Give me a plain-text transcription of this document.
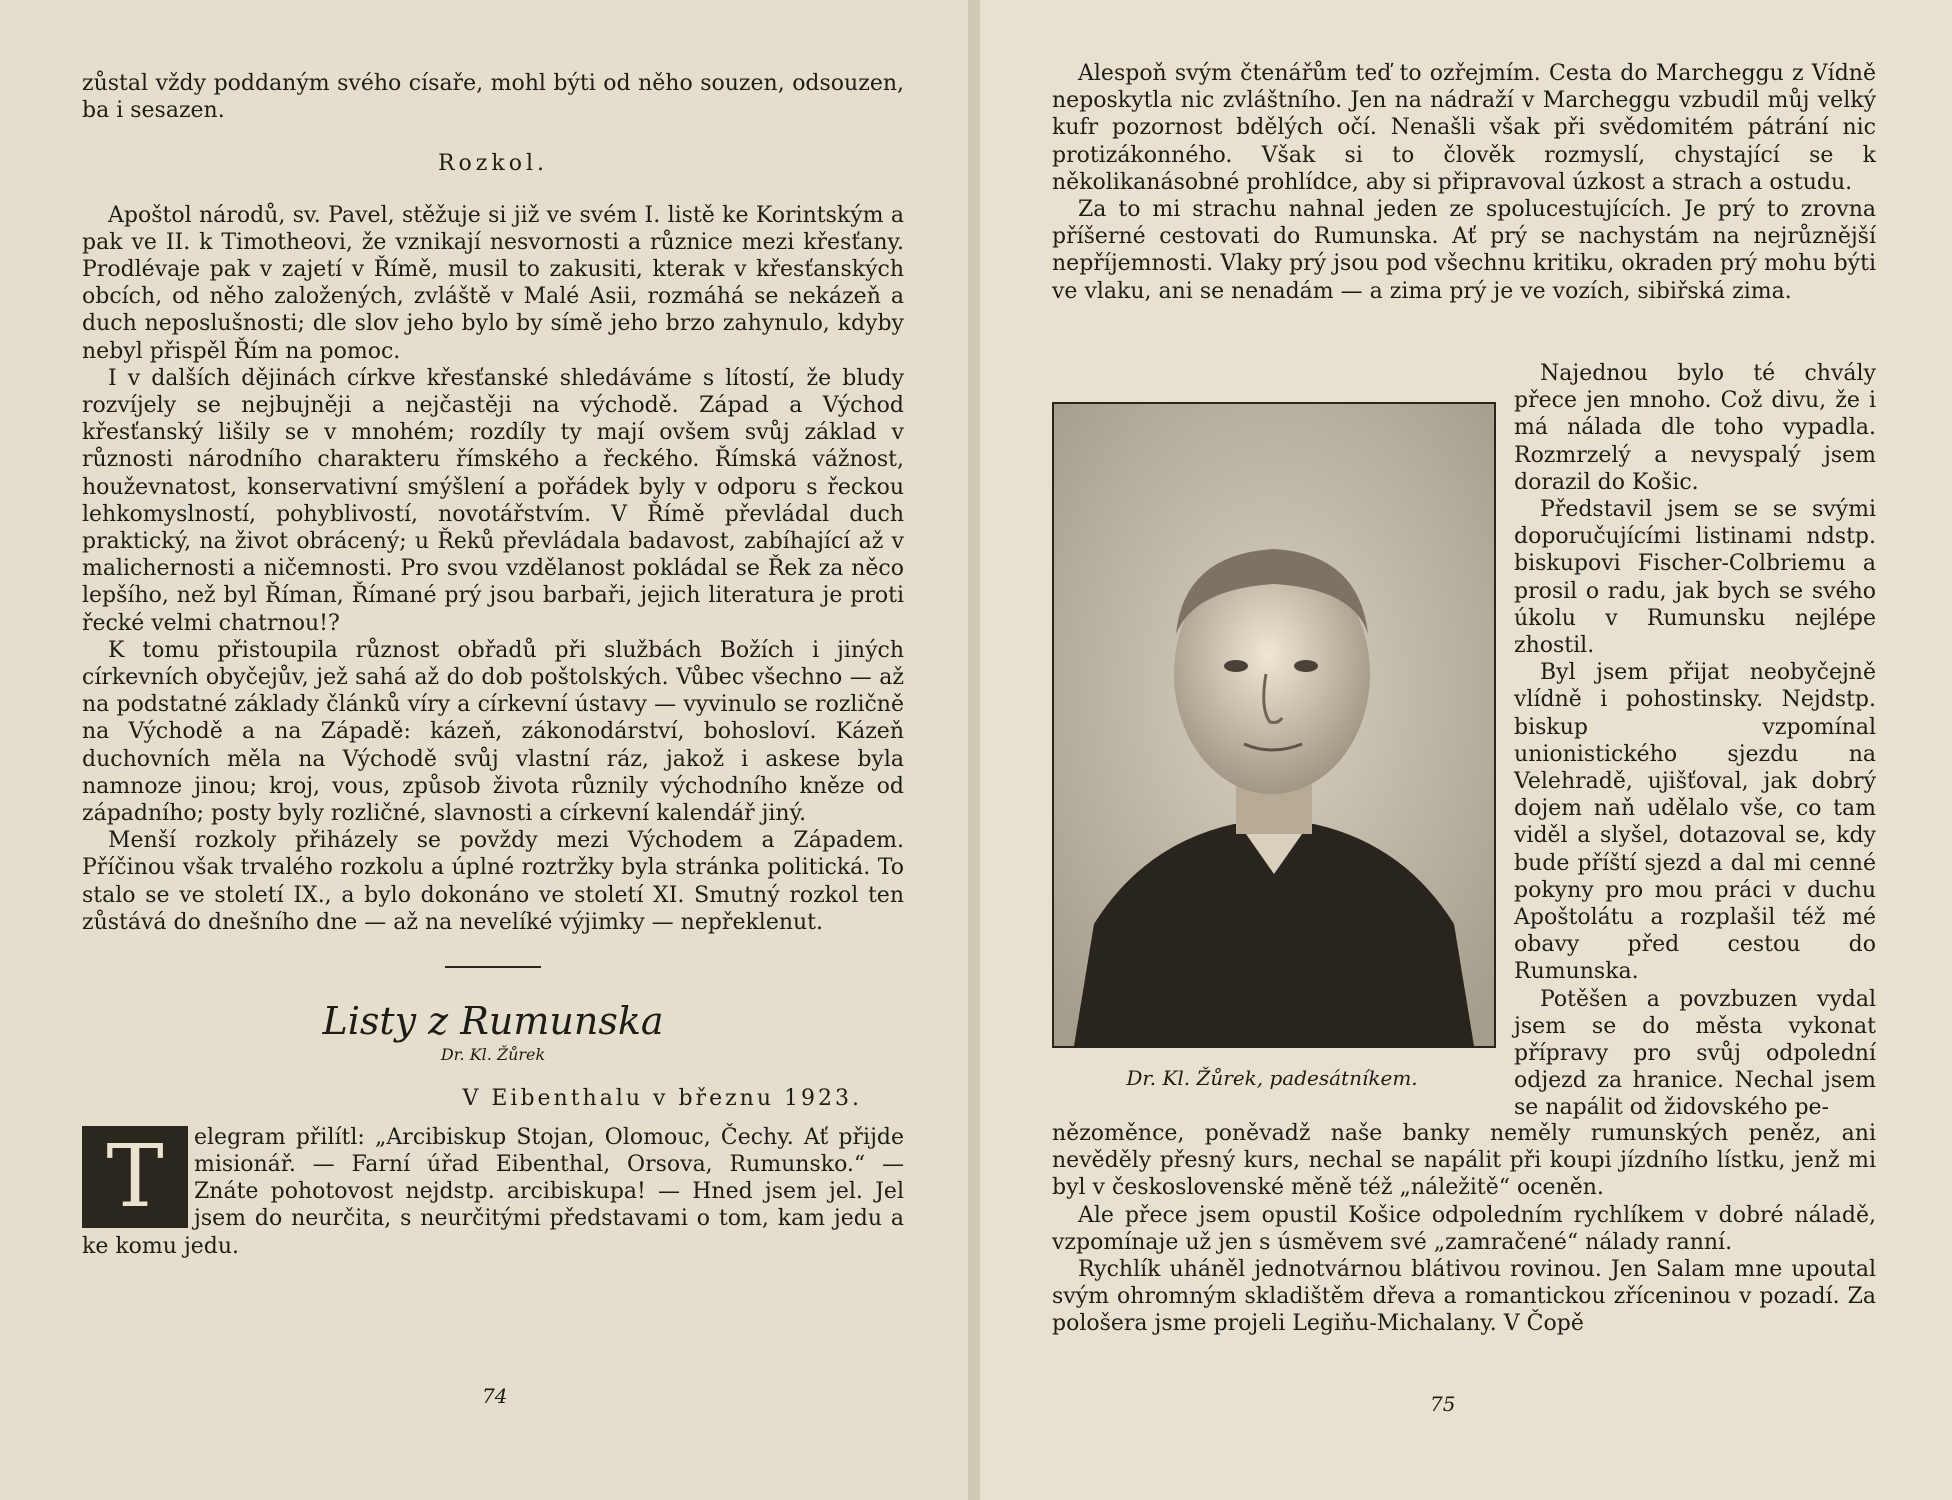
zůstal vždy poddaným svého císaře, mohl býti od něho souzen, odsouzen, ba i sesazen.

Rozkol.

Apoštol národů, sv. Pavel, stěžuje si již ve svém I. listě ke Korintským a pak ve II. k Timotheovi, že vznikají nesvornosti a různice mezi křesťany. Prodlévaje pak v zajetí v Římě, musil to zakusiti, kterak v křesťanských obcích, od něho založených, zvláště v Malé Asii, rozmáhá se nekázeň a duch neposlušnosti; dle slov jeho bylo by símě jeho brzo zahynulo, kdyby nebyl přispěl Řím na pomoc.

I v dalších dějinách církve křesťanské shledáváme s lítostí, že bludy rozvíjely se nejbujněji a nejčastěji na východě. Západ a Východ křesťanský lišily se v mnohém; rozdíly ty mají ovšem svůj základ v různosti národního charakteru římského a řeckého. Římská vážnost, houževnatost, konservativní smýšlení a pořádek byly v odporu s řeckou lehkomyslností, pohyblivostí, novotářstvím. V Římě převládal duch praktický, na život obrácený; u Řeků převládala badavost, zabíhající až v malichernosti a ničemnosti. Pro svou vzdělanost pokládal se Řek za něco lepšího, než byl Říman, Římané prý jsou barbaři, jejich literatura je proti řecké velmi chatrnou!?

K tomu přistoupila různost obřadů při službách Božích i jiných církevních obyčejův, jež sahá až do dob poštolských. Vůbec všechno — až na podstatné základy článků víry a církevní ústavy — vyvinulo se rozličně na Východě a na Západě: kázeň, zákonodárství, bohosloví. Kázeň duchovních měla na Východě svůj vlastní ráz, jakož i askese byla namnoze jinou; kroj, vous, způsob života různily východního kněze od západního; posty byly rozličné, slavnosti a církevní kalendář jiný.

Menší rozkoly přiházely se povždy mezi Východem a Západem. Příčinou však trvalého rozkolu a úplné roztržky byla stránka politická. To stalo se ve století IX., a bylo dokonáno ve století XI. Smutný rozkol ten zůstává do dnešního dne — až na nevelíké výjimky — nepřeklenut.

Listy z Rumunska
Dr. Kl. Žůrek
V Eibenthalu v březnu 1923.

T	elegram přilítl: „Arcibiskup Stojan, Olomouc, Čechy. Ať přijde misionář. — Farní úřad Eibenthal, Orsova, Rumunsko.“ — Znáte pohotovost nejdstp. arcibiskupa! — Hned jsem jel. Jel jsem do neurčita, s neurčitými představami o tom, kam jedu a ke komu jedu.

74

Alespoň svým čtenářům teď to ozřejmím. Cesta do Marcheggu z Vídně neposkytla nic zvláštního. Jen na nádraží v Marcheggu vzbudil můj velký kufr pozornost bdělých očí. Nenašli však při svědomitém pátrání nic protizákonného. Však si to člověk rozmyslí, chystající se k několikanásobné prohlídce, aby si připravoval úzkost a strach a ostudu.

Za to mi strachu nahnal jeden ze spolucestujících. Je prý to zrovna příšerné cestovati do Rumunska. Ať prý se nachystám na nejrůznější nepříjemnosti. Vlaky prý jsou pod všechnu kritiku, okraden prý mohu býti ve vlaku, ani se nenadám — a zima prý je ve vozích, sibiřská zima.

Dr. Kl. Žůrek, padesátníkem.

Najednou bylo té chvály přece jen mnoho. Což divu, že i má nálada dle toho vypadla. Rozmrzelý a nevyspalý jsem dorazil do Košic.

Představil jsem se se svými doporučujícími listinami ndstp. biskupovi Fischer-Colbriemu a prosil o radu, jak bych se svého úkolu v Rumunsku nejlépe zhostil.

Byl jsem přijat neobyčejně vlídně i pohostinsky. Nejdstp. biskup vzpomínal unionistického sjezdu na Velehradě, ujišťoval, jak dobrý dojem naň udělalo vše, co tam viděl a slyšel, dotazoval se, kdy bude příští sjezd a dal mi cenné pokyny pro mou práci v duchu Apoštolátu a rozplašil též mé obavy před cestou do Rumunska.

Potěšen a povzbuzen vydal jsem se do města vykonat přípravy pro svůj odpolední odjezd za hranice. Nechal jsem se napálit od židovského pe-

nězoměnce, poněvadž naše banky neměly rumunských peněz, ani nevěděly přesný kurs, nechal se napálit při koupi jízdního lístku, jenž mi byl v československé měně též „náležitě“ oceněn.

Ale přece jsem opustil Košice odpoledním rychlíkem v dobré náladě, vzpomínaje už jen s úsměvem své „zamračené“ nálady ranní.

Rychlík uháněl jednotvárnou blátivou rovinou. Jen Salam mne upoutal svým ohromným skladištěm dřeva a romantickou zříceninou v pozadí. Za pološera jsme projeli Legiňu-Michalany. V Čopě

75
